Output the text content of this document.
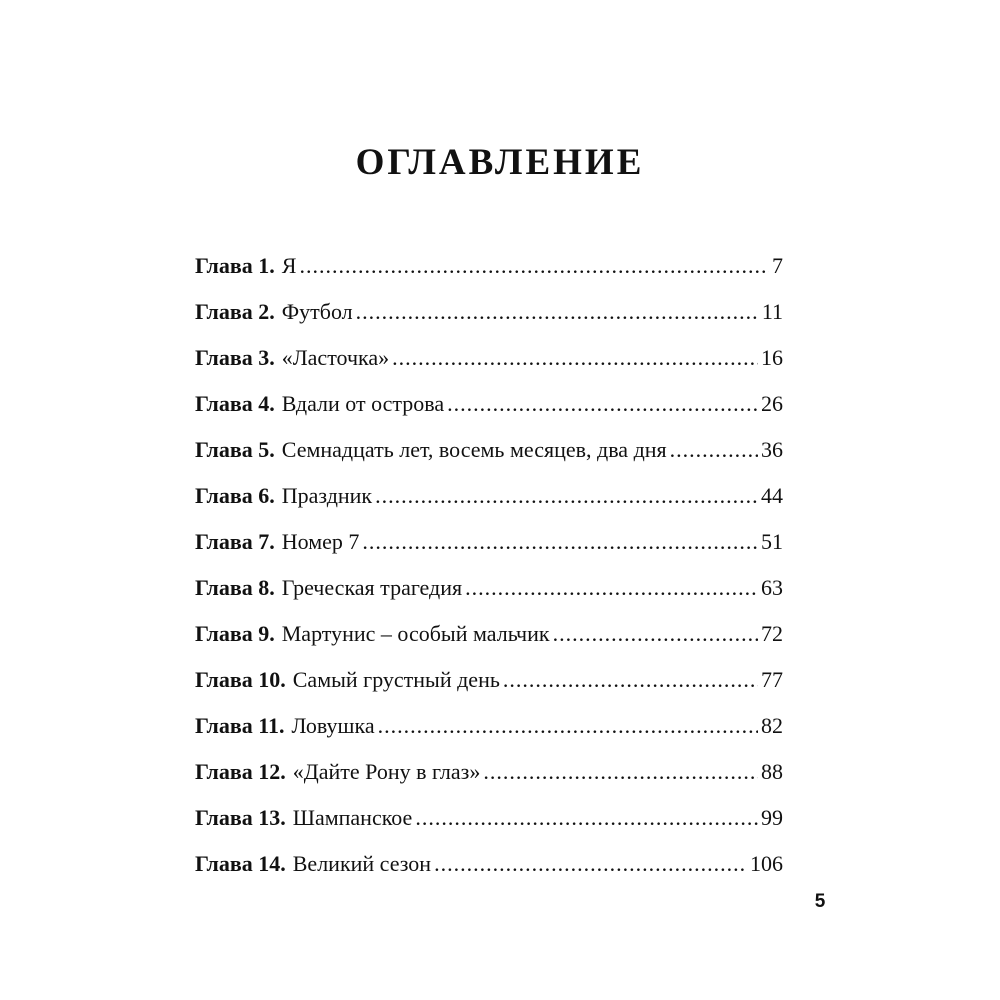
ОГЛАВЛЕНИЕ
Глава 1. Я .....	7
Глава 2. Футбол .....	11
Глава 3. «Ласточка» .....	16
Глава 4. Вдали от острова .....	26
Глава 5. Семнадцать лет, восемь месяцев, два дня .....	36
Глава 6. Праздник .....	44
Глава 7. Номер 7 .....	51
Глава 8. Греческая трагедия .....	63
Глава 9. Мартунис – особый мальчик .....	72
Глава 10. Самый грустный день .....	77
Глава 11. Ловушка .....	82
Глава 12. «Дайте Рону в глаз» .....	88
Глава 13. Шампанское .....	99
Глава 14. Великий сезон .....	106
5
